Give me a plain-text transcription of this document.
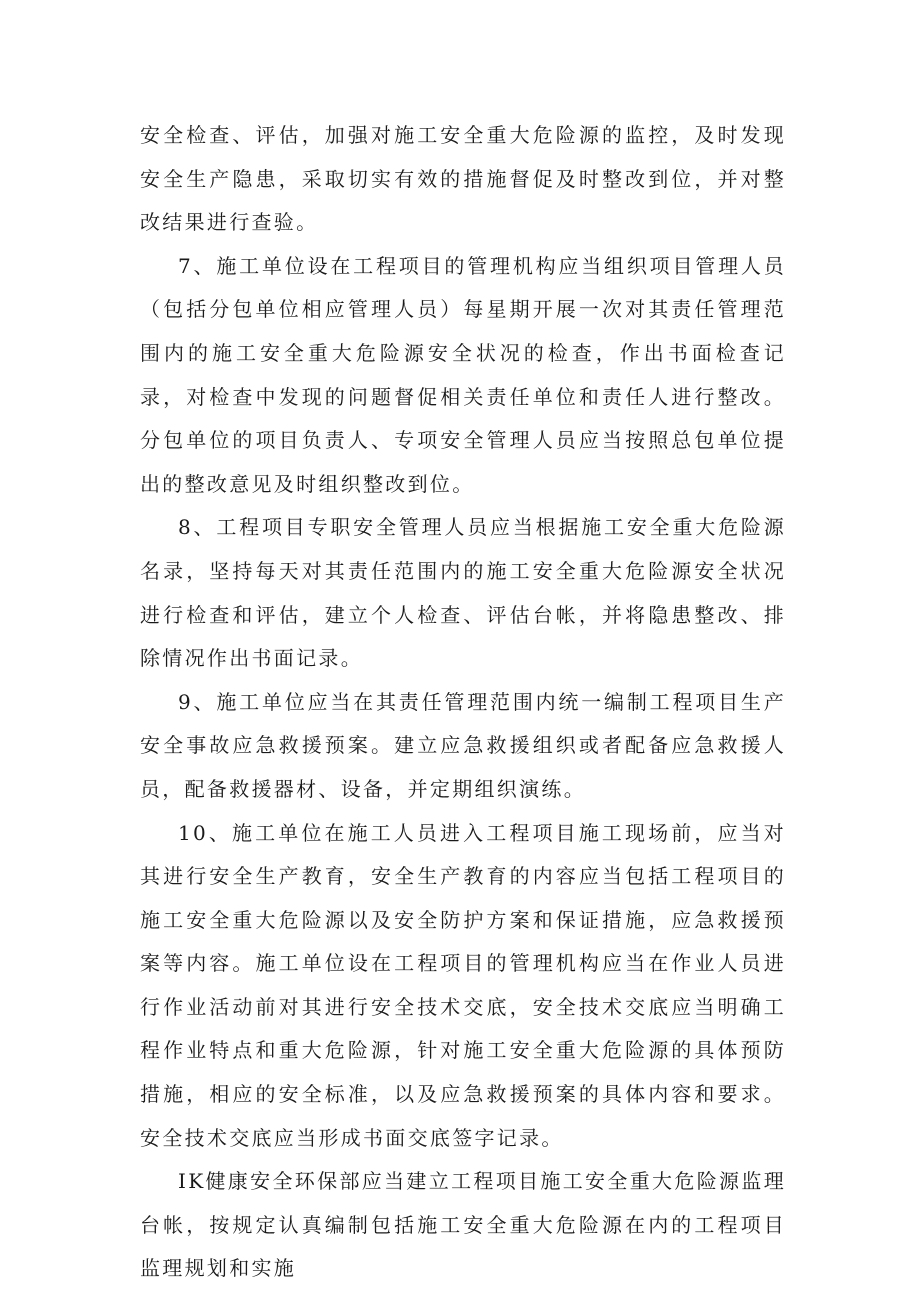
安全检查、评估，加强对施工安全重大危险源的监控，及时发现安全生产隐患，采取切实有效的措施督促及时整改到位，并对整改结果进行查验。

7、施工单位设在工程项目的管理机构应当组织项目管理人员（包括分包单位相应管理人员）每星期开展一次对其责任管理范围内的施工安全重大危险源安全状况的检查，作出书面检查记录，对检查中发现的问题督促相关责任单位和责任人进行整改。分包单位的项目负责人、专项安全管理人员应当按照总包单位提出的整改意见及时组织整改到位。

8、工程项目专职安全管理人员应当根据施工安全重大危险源名录，坚持每天对其责任范围内的施工安全重大危险源安全状况进行检查和评估，建立个人检查、评估台帐，并将隐患整改、排除情况作出书面记录。

9、施工单位应当在其责任管理范围内统一编制工程项目生产安全事故应急救援预案。建立应急救援组织或者配备应急救援人员，配备救援器材、设备，并定期组织演练。

10、施工单位在施工人员进入工程项目施工现场前，应当对其进行安全生产教育，安全生产教育的内容应当包括工程项目的施工安全重大危险源以及安全防护方案和保证措施，应急救援预案等内容。施工单位设在工程项目的管理机构应当在作业人员进行作业活动前对其进行安全技术交底，安全技术交底应当明确工程作业特点和重大危险源，针对施工安全重大危险源的具体预防措施，相应的安全标准，以及应急救援预案的具体内容和要求。安全技术交底应当形成书面交底签字记录。

IK健康安全环保部应当建立工程项目施工安全重大危险源监理台帐，按规定认真编制包括施工安全重大危险源在内的工程项目监理规划和实施
